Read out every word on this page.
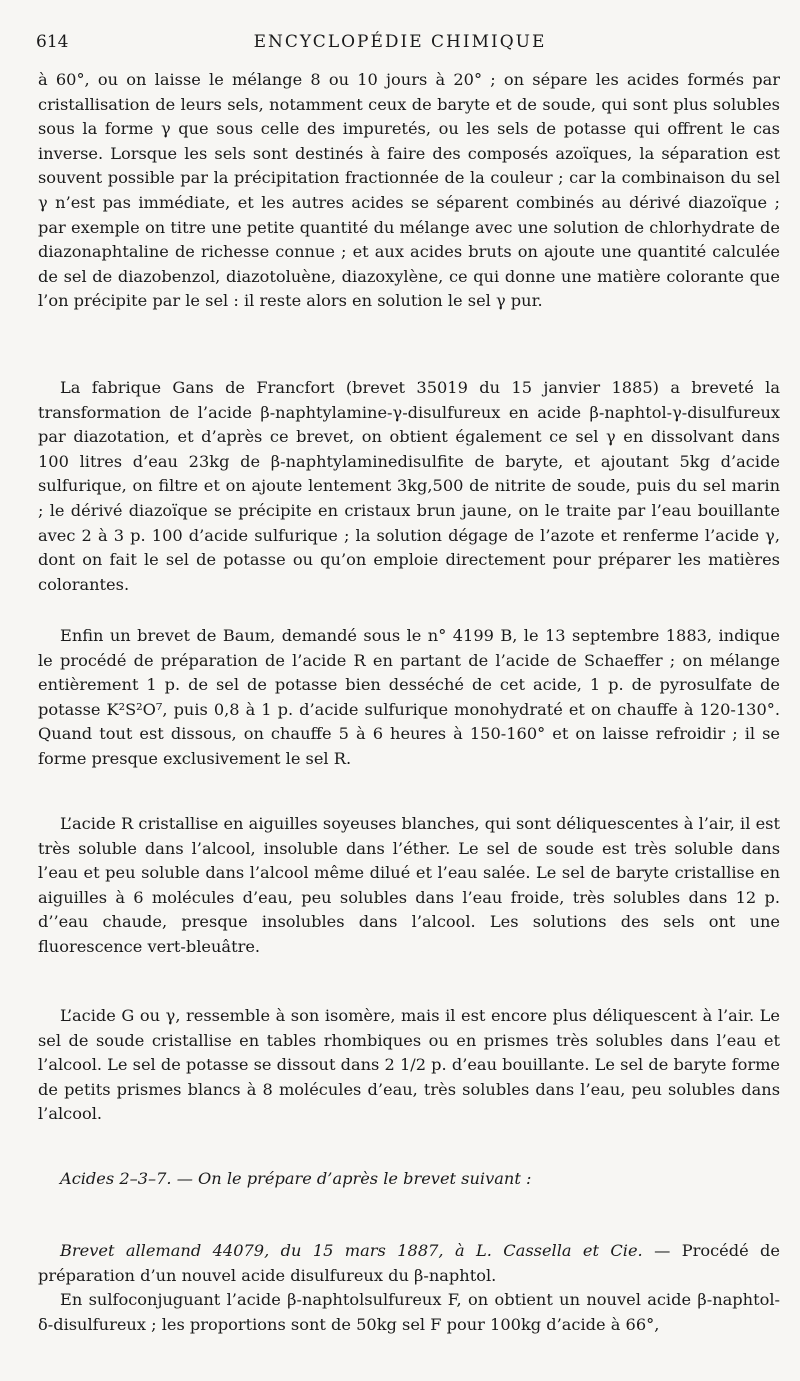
614	ENCYCLOPÉDIE CHIMIQUE

à 60°, ou on laisse le mélange 8 ou 10 jours à 20° ; on sépare les acides formés par cristallisation de leurs sels, notamment ceux de baryte et de soude, qui sont plus solubles sous la forme γ que sous celle des impuretés, ou les sels de potasse qui offrent le cas inverse. Lorsque les sels sont destinés à faire des composés azoïques, la séparation est souvent possible par la précipitation fractionnée de la couleur ; car la combinaison du sel γ n’est pas immédiate, et les autres acides se séparent combinés au dérivé diazoïque ; par exemple on titre une petite quantité du mélange avec une solution de chlorhydrate de diazonaphtaline de richesse connue ; et aux acides bruts on ajoute une quantité calculée de sel de diazobenzol, diazotoluène, diazoxylène, ce qui donne une matière colorante que l’on précipite par le sel : il reste alors en solution le sel γ pur.

La fabrique Gans de Francfort (brevet 35019 du 15 janvier 1885) a breveté la transformation de l’acide β-naphtylamine-γ-disulfureux en acide β-naphtol-γ-disulfureux par diazotation, et d’après ce brevet, on obtient également ce sel γ en dissolvant dans 100 litres d’eau 23kg de β-naphtylaminedisulfite de baryte, et ajoutant 5kg d’acide sulfurique, on filtre et on ajoute lentement 3kg,500 de nitrite de soude, puis du sel marin ; le dérivé diazoïque se précipite en cristaux brun jaune, on le traite par l’eau bouillante avec 2 à 3 p. 100 d’acide sulfurique ; la solution dégage de l’azote et renferme l’acide γ, dont on fait le sel de potasse ou qu’on emploie directement pour préparer les matières colorantes.

Enfin un brevet de Baum, demandé sous le n° 4199 B, le 13 septembre 1883, indique le procédé de préparation de l’acide R en partant de l’acide de Schaeffer ; on mélange entièrement 1 p. de sel de potasse bien desséché de cet acide, 1 p. de pyrosulfate de potasse K²S²O⁷, puis 0,8 à 1 p. d’acide sulfurique monohydraté et on chauffe à 120-130°. Quand tout est dissous, on chauffe 5 à 6 heures à 150-160° et on laisse refroidir ; il se forme presque exclusivement le sel R.

L’acide R cristallise en aiguilles soyeuses blanches, qui sont déliquescentes à l’air, il est très soluble dans l’alcool, insoluble dans l’éther. Le sel de soude est très soluble dans l’eau et peu soluble dans l’alcool même dilué et l’eau salée. Le sel de baryte cristallise en aiguilles à 6 molécules d’eau, peu solubles dans l’eau froide, très solubles dans 12 p. d’’eau chaude, presque insolubles dans l’alcool. Les solutions des sels ont une fluorescence vert-bleuâtre.

L’acide G ou γ, ressemble à son isomère, mais il est encore plus déliquescent à l’air. Le sel de soude cristallise en tables rhombiques ou en prismes très solubles dans l’eau et l’alcool. Le sel de potasse se dissout dans 2 1/2 p. d’eau bouillante. Le sel de baryte forme de petits prismes blancs à 8 molécules d’eau, très solubles dans l’eau, peu solubles dans l’alcool.

Acides 2–3–7. — On le prépare d’après le brevet suivant :

Brevet allemand 44079, du 15 mars 1887, à L. Cassella et Cie. — Procédé de préparation d’un nouvel acide disulfureux du β-naphtol.

En sulfoconjuguant l’acide β-naphtolsulfureux F, on obtient un nouvel acide β-naphtol-δ-disulfureux ; les proportions sont de 50kg sel F pour 100kg d’acide à 66°,
